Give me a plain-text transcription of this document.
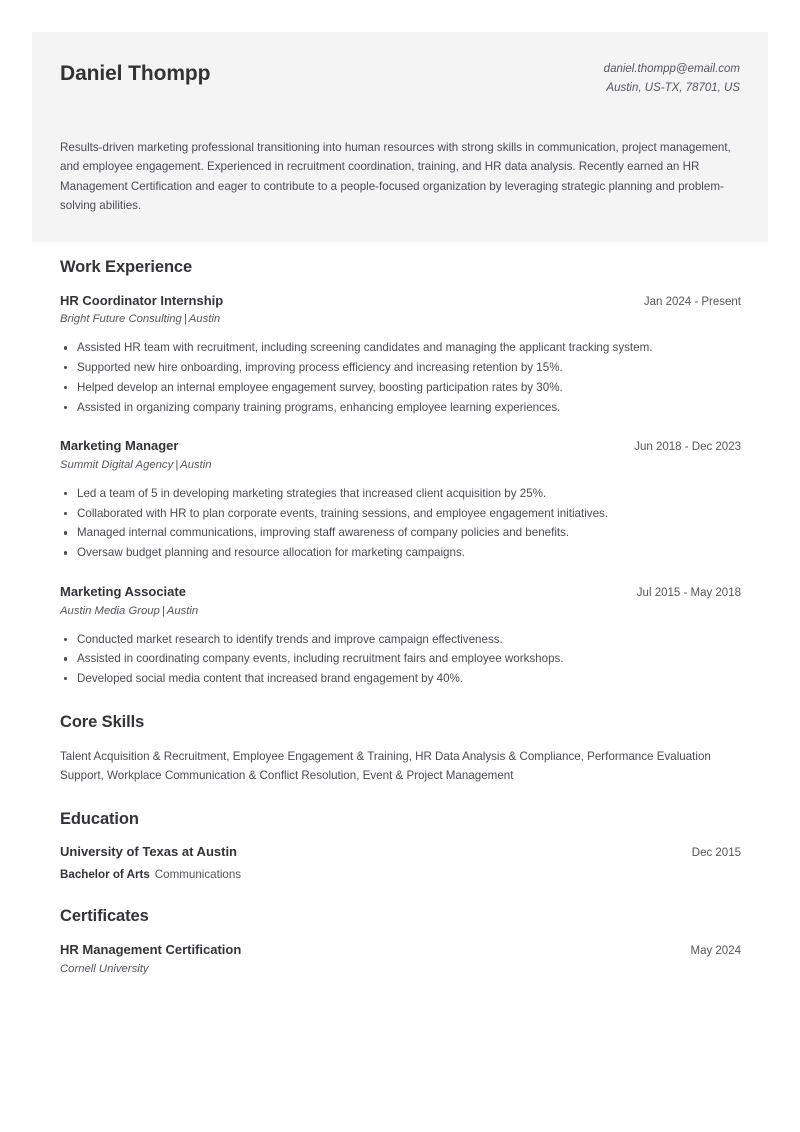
Daniel Thompp	daniel.thompp@email.com
Austin, US-TX, 78701, US
Results-driven marketing professional transitioning into human resources with strong skills in communication, project management, and employee engagement. Experienced in recruitment coordination, training, and HR data analysis. Recently earned an HR Management Certification and eager to contribute to a people-focused organization by leveraging strategic planning and problem-solving abilities.
Work Experience
HR Coordinator Internship	Jan 2024 - Present
Bright Future Consulting | Austin
Assisted HR team with recruitment, including screening candidates and managing the applicant tracking system.
Supported new hire onboarding, improving process efficiency and increasing retention by 15%.
Helped develop an internal employee engagement survey, boosting participation rates by 30%.
Assisted in organizing company training programs, enhancing employee learning experiences.
Marketing Manager	Jun 2018 - Dec 2023
Summit Digital Agency | Austin
Led a team of 5 in developing marketing strategies that increased client acquisition by 25%.
Collaborated with HR to plan corporate events, training sessions, and employee engagement initiatives.
Managed internal communications, improving staff awareness of company policies and benefits.
Oversaw budget planning and resource allocation for marketing campaigns.
Marketing Associate	Jul 2015 - May 2018
Austin Media Group | Austin
Conducted market research to identify trends and improve campaign effectiveness.
Assisted in coordinating company events, including recruitment fairs and employee workshops.
Developed social media content that increased brand engagement by 40%.
Core Skills
Talent Acquisition & Recruitment, Employee Engagement & Training, HR Data Analysis & Compliance, Performance Evaluation Support, Workplace Communication & Conflict Resolution, Event & Project Management
Education
University of Texas at Austin	Dec 2015
Bachelor of Arts Communications
Certificates
HR Management Certification	May 2024
Cornell University
